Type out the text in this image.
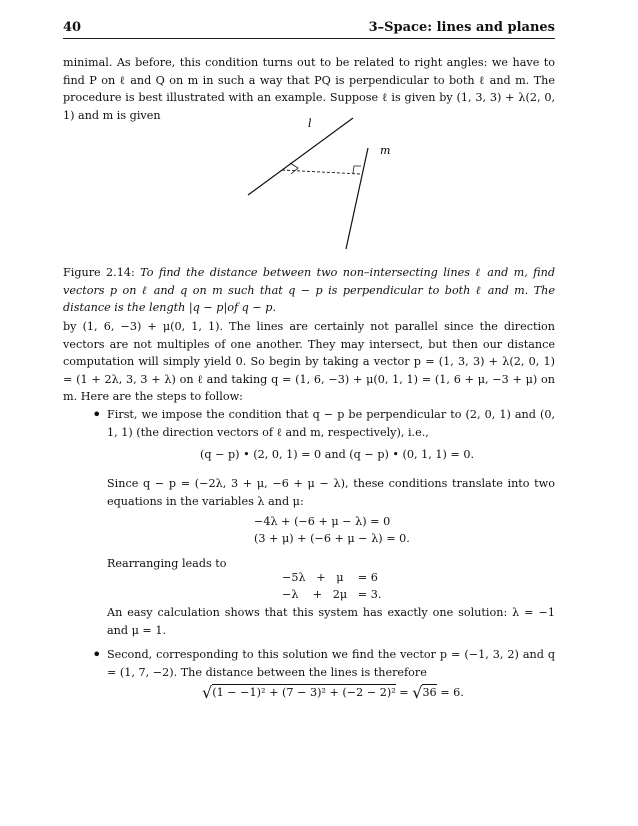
40	3–Space: lines and planes

minimal. As before, this condition turns out to be related to right angles: we have to find P on ℓ and Q on m in such a way that PQ is perpendicular to both ℓ and m. The procedure is best illustrated with an example. Suppose ℓ is given by (1, 3, 3) + λ(2, 0, 1) and m is given

l
m

Figure 2.14: To find the distance between two non–intersecting lines ℓ and m, find vectors p on ℓ and q on m such that q − p is perpendicular to both ℓ and m. The distance is the length |q − p|of q − p.

by (1, 6, −3) + μ(0, 1, 1). The lines are certainly not parallel since the direction vectors are not multiples of one another. They may intersect, but then our distance computation will simply yield 0. So begin by taking a vector p = (1, 3, 3) + λ(2, 0, 1) = (1 + 2λ, 3, 3 + λ) on ℓ and taking q = (1, 6, −3) + μ(0, 1, 1) = (1, 6 + μ, −3 + μ) on m. Here are the steps to follow:

• First, we impose the condition that q − p be perpendicular to (2, 0, 1) and (0, 1, 1) (the direction vectors of ℓ and m, respectively), i.e.,

(q − p) • (2, 0, 1) = 0 and (q − p) • (0, 1, 1) = 0.

Since q − p = (−2λ, 3 + μ, −6 + μ − λ), these conditions translate into two equations in the variables λ and μ:

−4λ + (−6 + μ − λ) = 0
(3 + μ) + (−6 + μ − λ) = 0.
Rearranging leads to
−5λ   +   μ    = 6
−λ    +   2μ   = 3.

An easy calculation shows that this system has exactly one solution: λ = −1 and μ = 1.

• Second, corresponding to this solution we find the vector p = (−1, 3, 2) and q = (1, 7, −2). The distance between the lines is therefore

√(1 − −1)² + (7 − 3)² + (−2 − 2)² = √36 = 6.
